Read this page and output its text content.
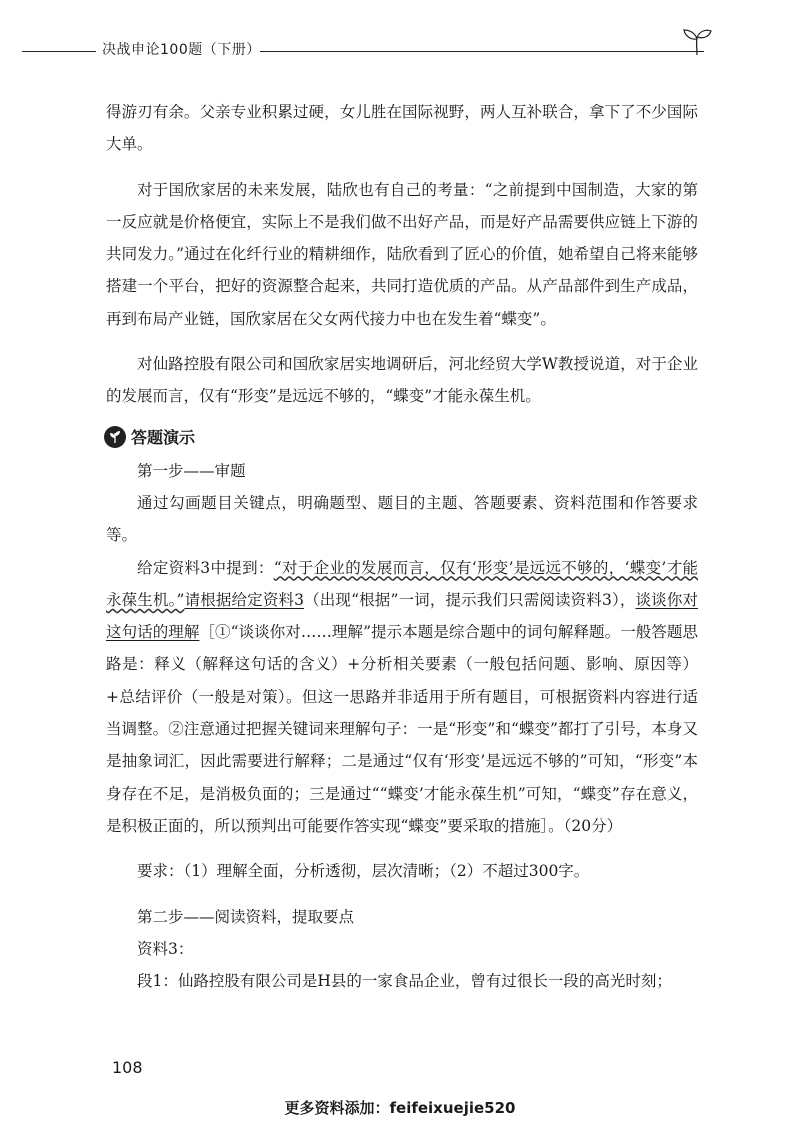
决战申论100题（下册）

得游刃有余。父亲专业积累过硬，女儿胜在国际视野，两人互补联合，拿下了不少国际大单。

对于国欣家居的未来发展，陆欣也有自己的考量：“之前提到中国制造，大家的第一反应就是价格便宜，实际上不是我们做不出好产品，而是好产品需要供应链上下游的共同发力。”通过在化纤行业的精耕细作，陆欣看到了匠心的价值，她希望自己将来能够搭建一个平台，把好的资源整合起来，共同打造优质的产品。从产品部件到生产成品，再到布局产业链，国欣家居在父女两代接力中也在发生着“蝶变”。

对仙路控股有限公司和国欣家居实地调研后，河北经贸大学W教授说道，对于企业的发展而言，仅有“形变”是远远不够的，“蝶变”才能永葆生机。

答题演示

第一步——审题

通过勾画题目关键点，明确题型、题目的主题、答题要素、资料范围和作答要求等。

给定资料3中提到：“对于企业的发展而言，仅有‘形变’是远远不够的，‘蝶变’才能永葆生机。”请根据给定资料3（出现“根据”一词，提示我们只需阅读资料3），谈谈你对这句话的理解［①“谈谈你对……理解”提示本题是综合题中的词句解释题。一般答题思路是：释义（解释这句话的含义）+分析相关要素（一般包括问题、影响、原因等）+总结评价（一般是对策）。但这一思路并非适用于所有题目，可根据资料内容进行适当调整。②注意通过把握关键词来理解句子：一是“形变”和“蝶变”都打了引号，本身又是抽象词汇，因此需要进行解释；二是通过“仅有‘形变’是远远不够的”可知，“形变”本身存在不足，是消极负面的；三是通过““蝶变’才能永葆生机”可知，“蝶变”存在意义，是积极正面的，所以预判出可能要作答实现“蝶变”要采取的措施］。（20分）

要求：（1）理解全面，分析透彻，层次清晰；（2）不超过300字。

第二步——阅读资料，提取要点

资料3：

段1：仙路控股有限公司是H县的一家食品企业，曾有过很长一段的高光时刻；

108
更多资料添加：feifeixuejie520
